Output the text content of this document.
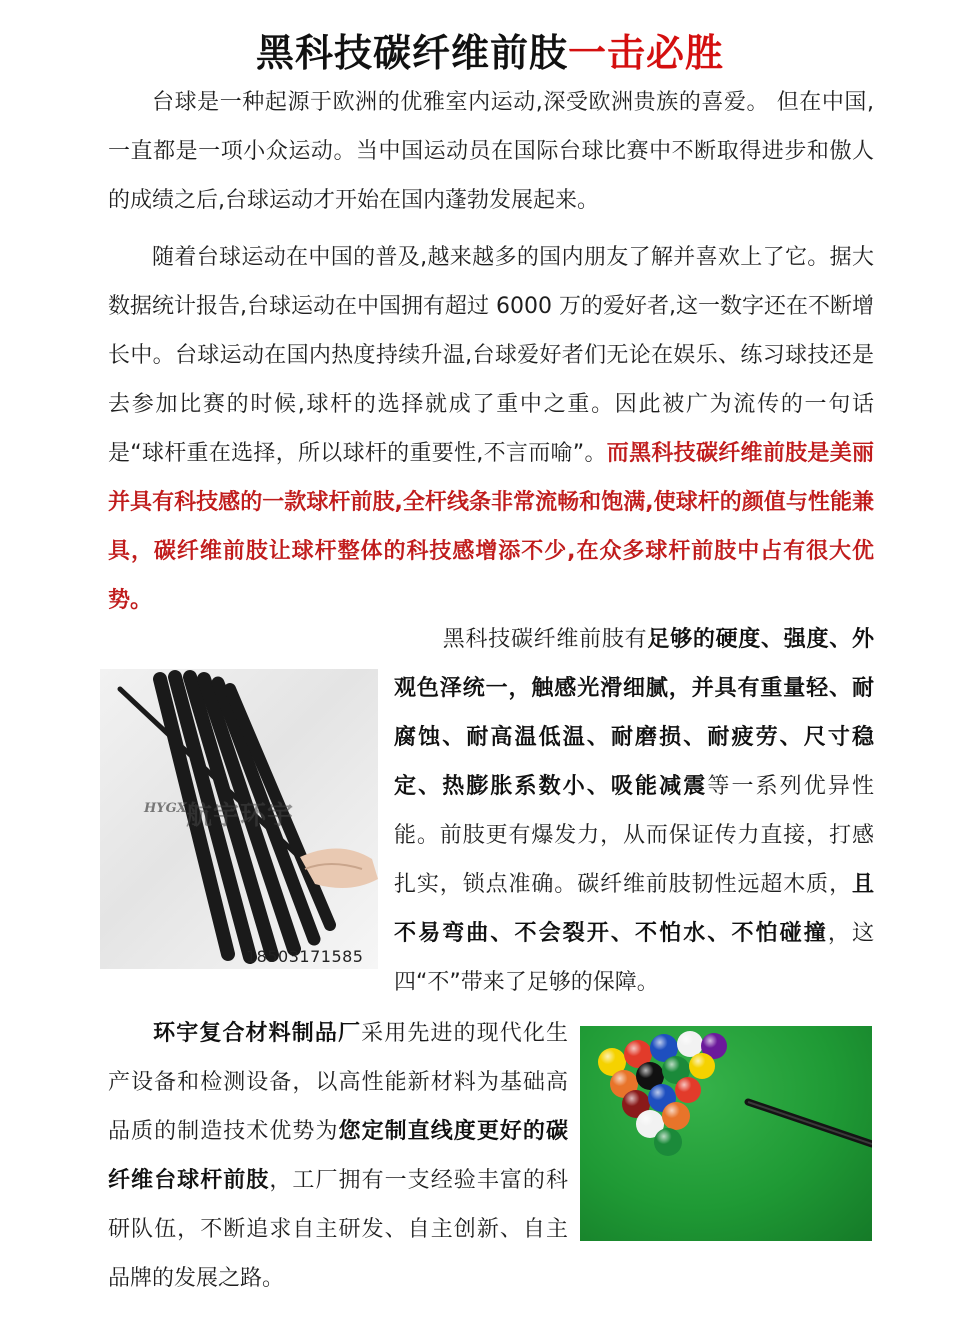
黑科技碳纤维前肢一击必胜

台球是一种起源于欧洲的优雅室内运动,深受欧洲贵族的喜爱。 但在中国,一直都是一项小众运动。当中国运动员在国际台球比赛中不断取得进步和傲人的成绩之后,台球运动才开始在国内蓬勃发展起来。

随着台球运动在中国的普及,越来越多的国内朋友了解并喜欢上了它。据大数据统计报告,台球运动在中国拥有超过 6000 万的爱好者,这一数字还在不断增长中。台球运动在国内热度持续升温,台球爱好者们无论在娱乐、练习球技还是去参加比赛的时候,球杆的选择就成了重中之重。因此被广为流传的一句话是“球杆重在选择，所以球杆的重要性,不言而喻”。而黑科技碳纤维前肢是美丽并具有科技感的一款球杆前肢,全杆线条非常流畅和饱满,使球杆的颜值与性能兼具，碳纤维前肢让球杆整体的科技感增添不少,在众多球杆前肢中占有很大优势。

HYGX 航宇环宇
18503171585

黑科技碳纤维前肢有足够的硬度、强度、外观色泽统一，触感光滑细腻，并具有重量轻、耐腐蚀、耐高温低温、耐磨损、耐疲劳、尺寸稳定、热膨胀系数小、吸能减震等一系列优异性能。前肢更有爆发力，从而保证传力直接，打感扎实，锁点准确。碳纤维前肢韧性远超木质，且不易弯曲、不会裂开、不怕水、不怕碰撞，这四“不”带来了足够的保障。

环宇复合材料制品厂采用先进的现代化生产设备和检测设备，以高性能新材料为基础高品质的制造技术优势为您定制直线度更好的碳纤维台球杆前肢，工厂拥有一支经验丰富的科研队伍，不断追求自主研发、自主创新、自主品牌的发展之路。
